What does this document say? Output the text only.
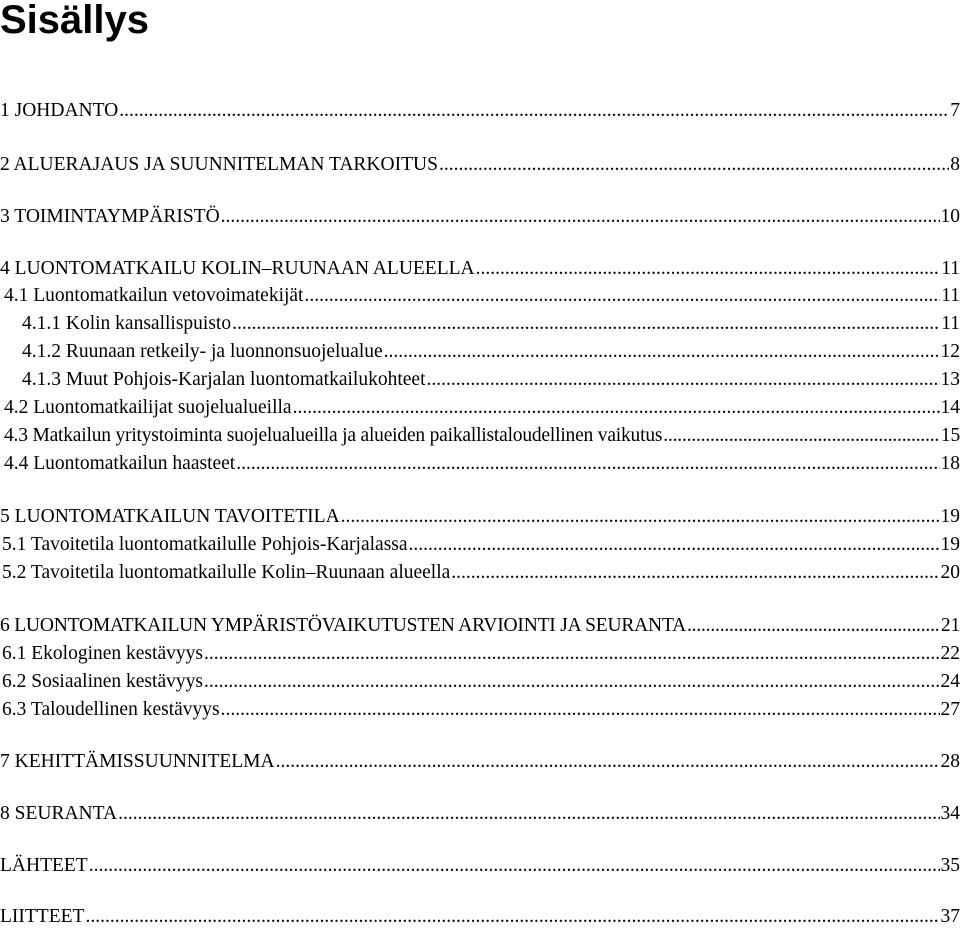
Sisällys
1 JOHDANTO .....	7
2 ALUERAJAUS JA SUUNNITELMAN TARKOITUS .....	8
3 TOIMINTAYMPÄRISTÖ .....	10
4 LUONTOMATKAILU KOLIN–RUUNAAN ALUEELLA .....	11
4.1 Luontomatkailun vetovoimatekijät .....	11
4.1.1 Kolin kansallispuisto .....	11
4.1.2 Ruunaan retkeily- ja luonnonsuojelualue .....	12
4.1.3 Muut Pohjois-Karjalan luontomatkailukohteet .....	13
4.2 Luontomatkailijat suojelualueilla .....	14
4.3 Matkailun yritystoiminta suojelualueilla ja alueiden paikallistaloudellinen vaikutus .....	15
4.4 Luontomatkailun haasteet .....	18
5 LUONTOMATKAILUN TAVOITETILA .....	19
5.1 Tavoitetila luontomatkailulle Pohjois-Karjalassa .....	19
5.2 Tavoitetila luontomatkailulle Kolin–Ruunaan alueella .....	20
6 LUONTOMATKAILUN YMPÄRISTÖVAIKUTUSTEN ARVIOINTI JA SEURANTA .....	21
6.1 Ekologinen kestävyys .....	22
6.2 Sosiaalinen kestävyys .....	24
6.3 Taloudellinen kestävyys .....	27
7 KEHITTÄMISSUUNNITELMA .....	28
8 SEURANTA .....	34
LÄHTEET .....	35
LIITTEET .....	37
